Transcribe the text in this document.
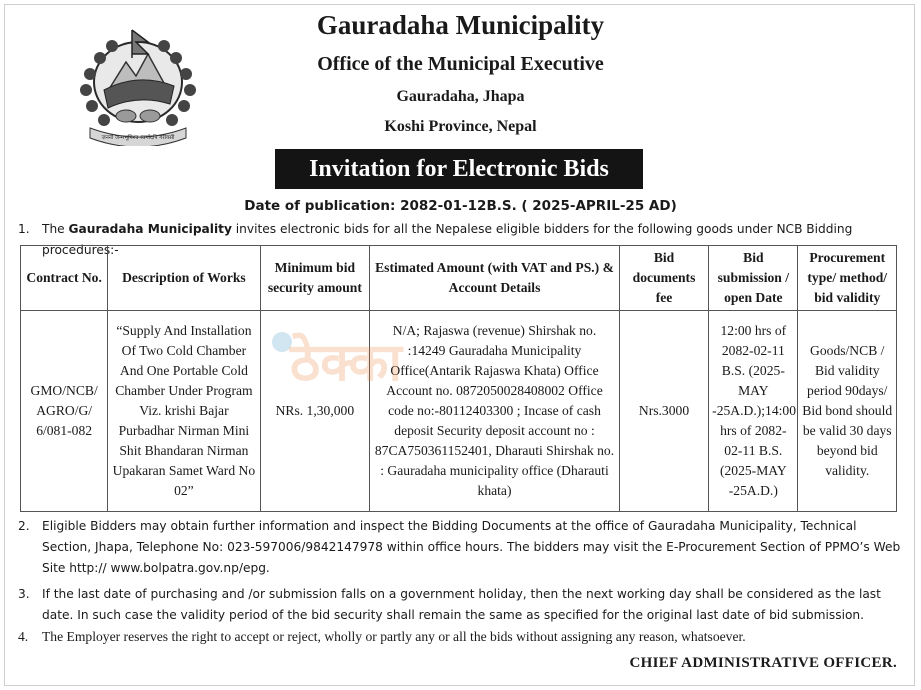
जननी जन्मभूमिश्च स्वर्गादपि गरीयसी
Gauradaha Municipality
Office of the Municipal Executive
Gauradaha, Jhapa
Koshi Province, Nepal
Invitation for Electronic Bids
Date of publication: 2082-01-12B.S. ( 2025-APRIL-25 AD)
1. The Gauradaha Municipality invites electronic bids for all the Nepalese eligible bidders for the following goods under NCB Bidding procedures:-
Contract No.	Description of Works	Minimum bid security amount	Estimated Amount (with VAT and PS.) & Account Details	Bid documents fee	Bid submission / open Date	Procurement type/ method/ bid validity
GMO/NCB/ AGRO/G/ 6/081-082	“Supply And Installation Of Two Cold Chamber And One Portable Cold Chamber Under Program Viz. krishi Bajar Purbadhar Nirman Mini Shit Bhandaran Nirman Upakaran Samet Ward No 02”	NRs. 1,30,000	N/A; Rajaswa (revenue) Shirshak no. :14249 Gauradaha Municipality Office(Antarik Rajaswa Khata) Office Account no. 0872050028408002 Office code no:-80112403300 ; Incase of cash deposit Security deposit account no : 87CA750361152401, Dharauti Shirshak no. : Gauradaha municipality office (Dharauti khata)	Nrs.3000	12:00 hrs of 2082-02-11 B.S. (2025-MAY -25A.D.);14:00 hrs of 2082-02-11 B.S.(2025-MAY -25A.D.)	Goods/NCB / Bid validity period 90days/ Bid bond should be valid 30 days beyond bid validity.
ठेक्का
2. Eligible Bidders may obtain further information and inspect the Bidding Documents at the office of Gauradaha Municipality, Technical Section, Jhapa, Telephone No: 023-597006/9842147978 within office hours. The bidders may visit the E-Procurement Section of PPMO’s Web Site http:// www.bolpatra.gov.np/epg.
3. If the last date of purchasing and /or submission falls on a government holiday, then the next working day shall be considered as the last date. In such case the validity period of the bid security shall remain the same as specified for the original last date of bid submission.
4. The Employer reserves the right to accept or reject, wholly or partly any or all the bids without assigning any reason, whatsoever.
CHIEF ADMINISTRATIVE OFFICER.
